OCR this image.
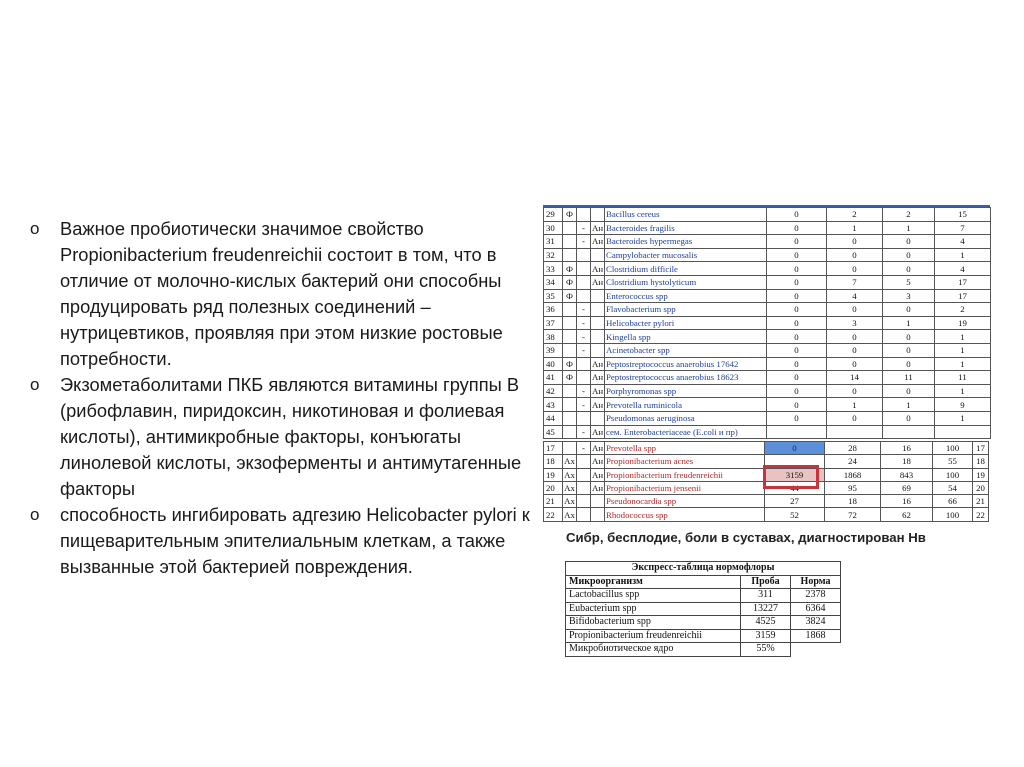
o Важное пробиотически значимое свойство Propionibacterium freudenreichii состоит в том, что в отличие от молочно-кислых бактерий они способны продуцировать ряд полезных соединений – нутрицевтиков, проявляя при этом низкие ростовые потребности.
o Экзометаболитами ПКБ являются витамины группы В (рибофлавин, пиридоксин, никотиновая и фолиевая кислоты), антимикробные факторы, конъюгаты линолевой кислоты, экзоферменты и антимутагенные факторы
o способность ингибировать адгезию Helicobacter pylori к пищеварительным эпителиальным клеткам, а также вызванные этой бактерией повреждения.
29	Ф			Bacillus cereus	0	2	2	15
30		-	Ан	Bacteroides fragilis	0	1	1	7
31		-	Ан	Bacteroides hypermegas	0	0	0	4
32				Campylobacter mucosalis	0	0	0	1
33	Ф		Ан	Clostridium difficile	0	0	0	4
34	Ф		Ан	Clostridium hystolyticum	0	7	5	17
35	Ф			Enterococcus spp	0	4	3	17
36		-		Flavobacterium spp	0	0	0	2
37		-		Helicobacter pylori	0	3	1	19
38		-		Kingella spp	0	0	0	1
39		-		Acinetobacter spp	0	0	0	1
40	Ф		Ан	Peptostreptococcus anaerobius 17642	0	0	0	1
41	Ф		Ан	Peptostreptococcus anaerobius 18623	0	14	11	11
42		-	Ан	Porphyromonas spp	0	0	0	1
43		-	Ан	Prevotella ruminicola	0	1	1	9
44				Pseudomonas aeruginosa	0	0	0	1
45		-	Ан	сем. Enterobacteriaceae (E.coli и пр)				
17		-	Ан	Prevotella spp	0	28	16	100	17
18	Ах		Ан	Propionibacterium acnes		24	18	55	18
19	Ах		Ан	Propionibacterium freudenreichii	3159	1868	843	100	19
20	Ах		Ан	Propionibacterium jensenii	44	95	69	54	20
21	Ах			Pseudonocardia spp	27	18	16	66	21
22	Ах			Rhodococcus spp	52	72	62	100	22
Сибр, бесплодие, боли в суставах, диагностирован Нв
Экспресс-таблица нормофлоры		
Микроорганизм	Проба	Норма
Lactobacillus spp	311	2378
Eubacterium spp	13227	6364
Bifidobacterium spp	4525	3824
Propionibacterium freudenreichii	3159	1868
Микробиотическое ядро	55%	
